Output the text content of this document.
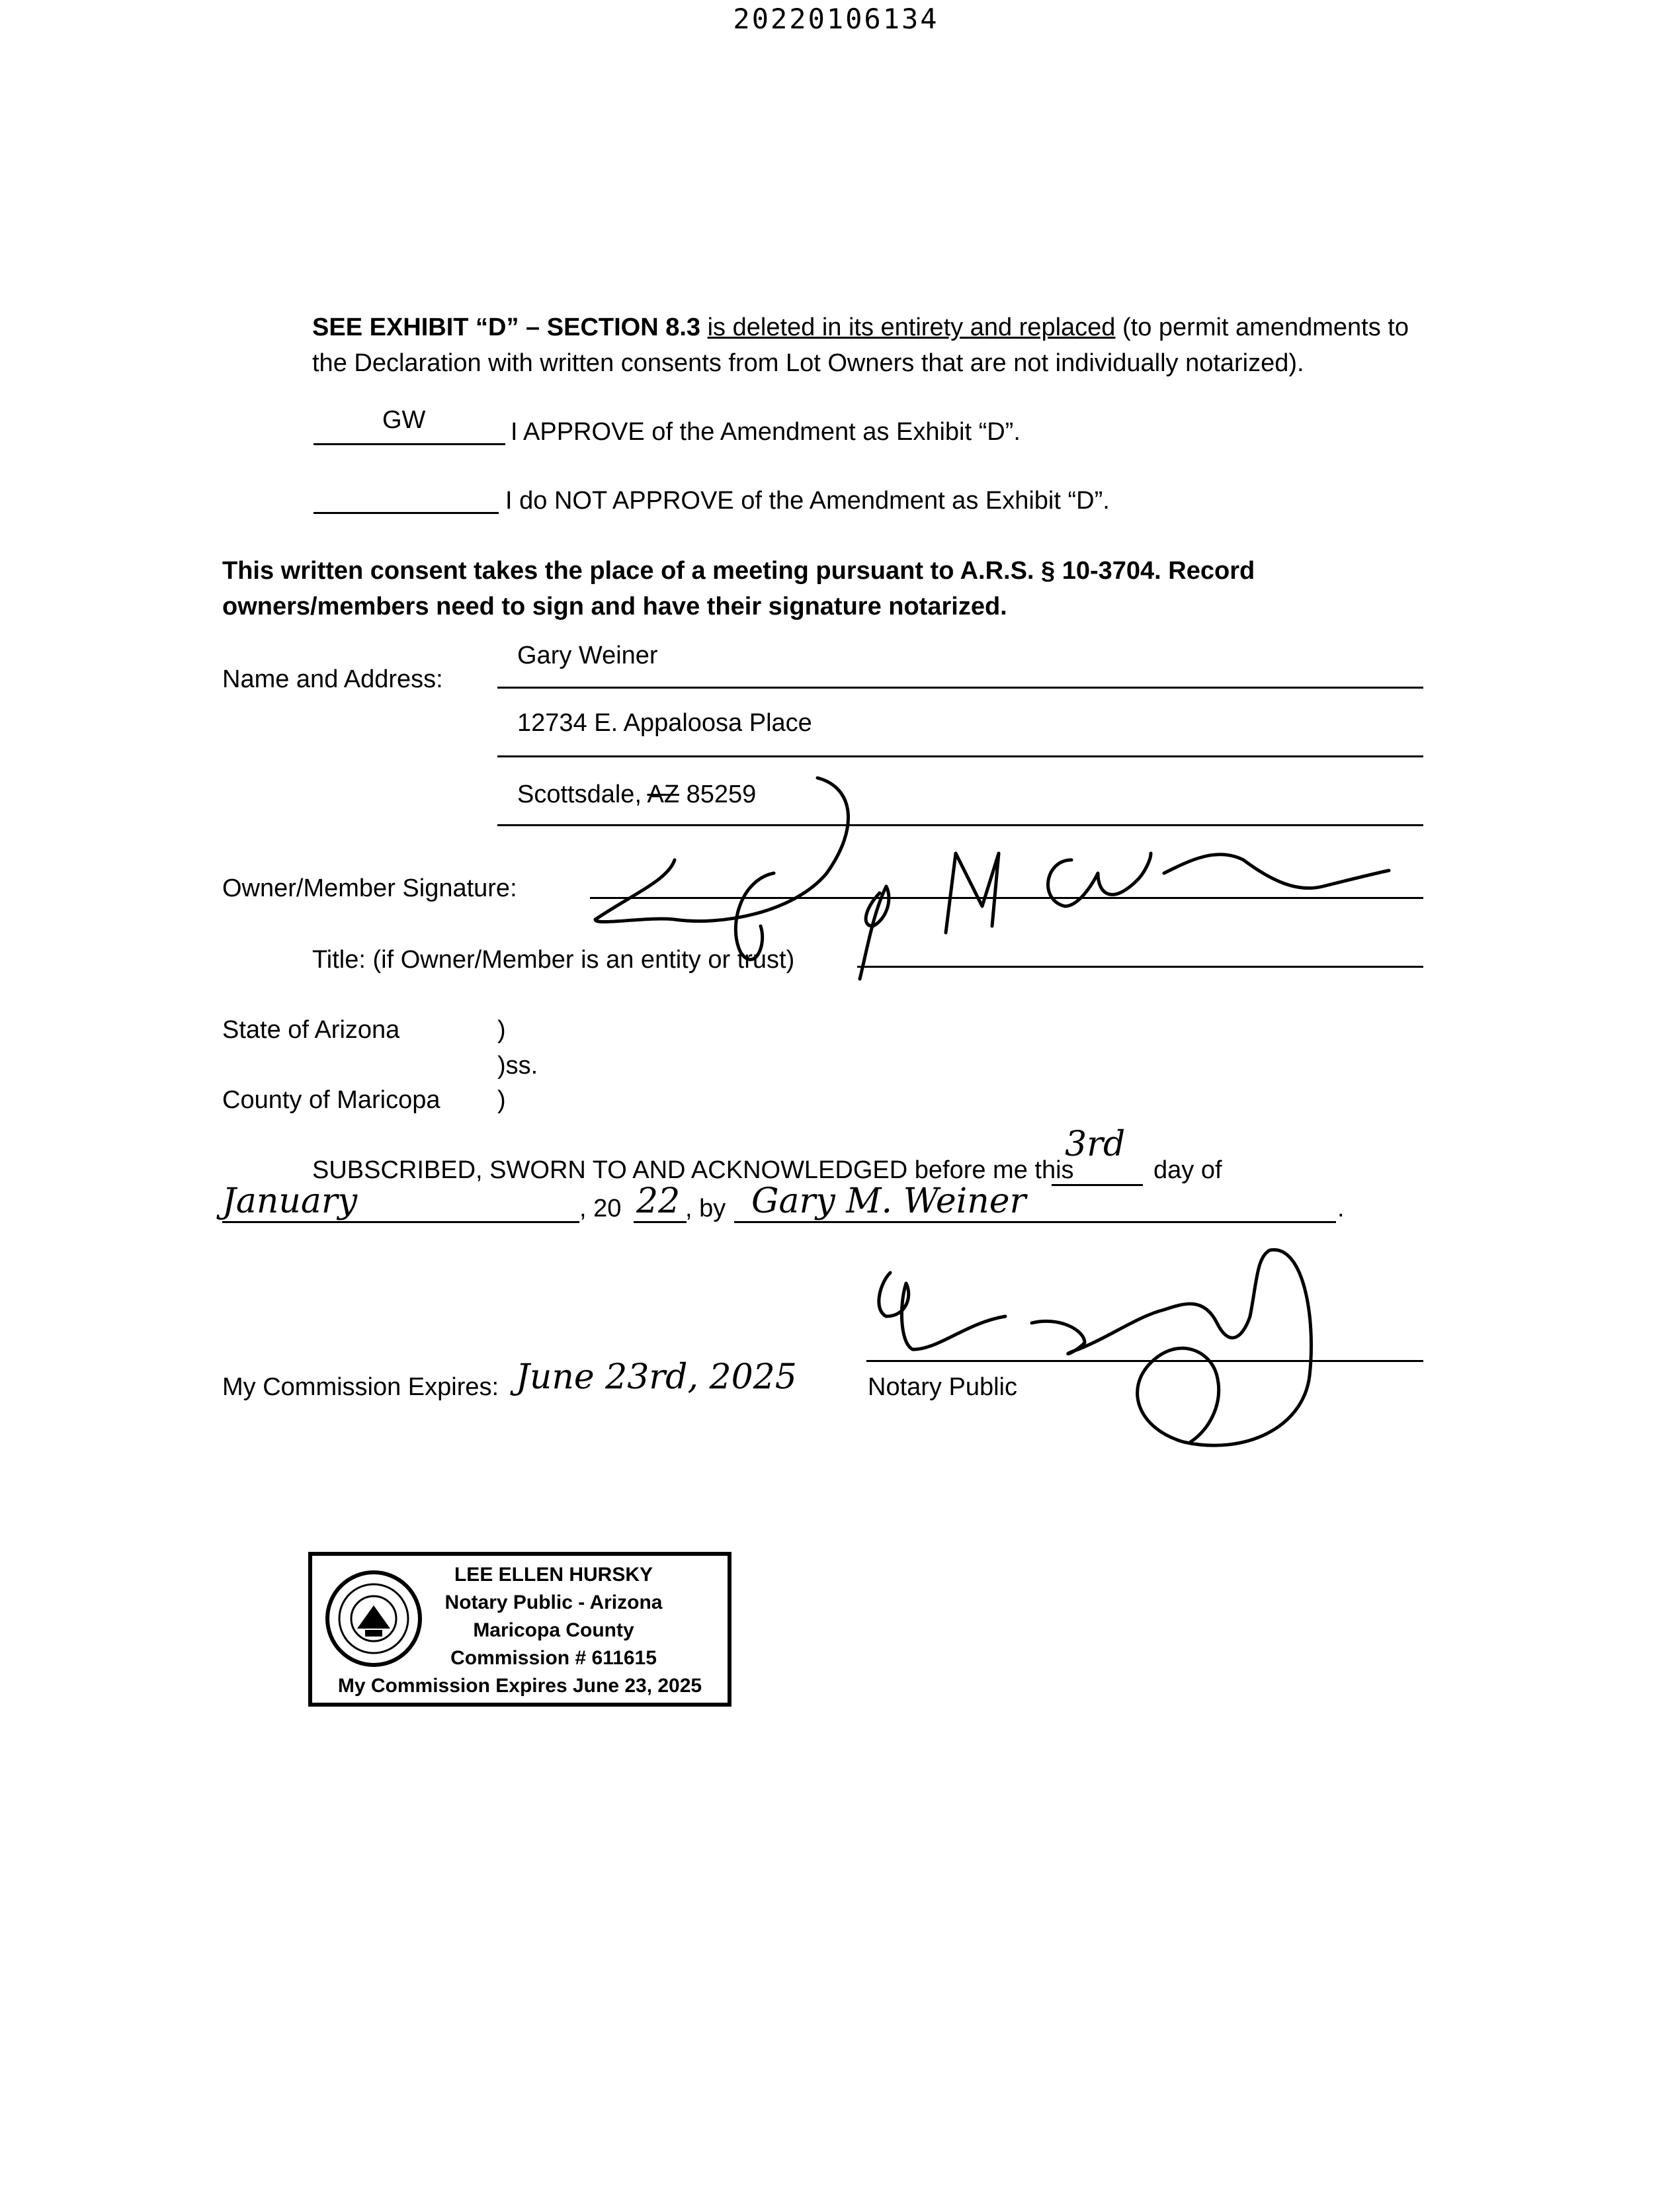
20220106134
SEE EXHIBIT “D” – SECTION 8.3 is deleted in its entirety and replaced (to permit amendments to
the Declaration with written consents from Lot Owners that are not individually notarized).
GW	I APPROVE of the Amendment as Exhibit “D”.
I do NOT APPROVE of the Amendment as Exhibit “D”.
This written consent takes the place of a meeting pursuant to A.R.S. § 10-3704. Record
owners/members need to sign and have their signature notarized.
Name and Address:
Gary Weiner
12734 E. Appaloosa Place
Scottsdale, AZ 85259
Owner/Member Signature:
Title: (if Owner/Member is an entity or trust)
State of Arizona	)
)ss.
County of Maricopa )
SUBSCRIBED, SWORN TO AND ACKNOWLEDGED before me this
3rd
day of
January	, 20 22 , by Gary M. Weiner	.
My Commission Expires: June 23rd, 2025	Notary Public
LEE ELLEN HURSKY
Notary Public - Arizona
Maricopa County
Commission # 611615
My Commission Expires June 23, 2025
